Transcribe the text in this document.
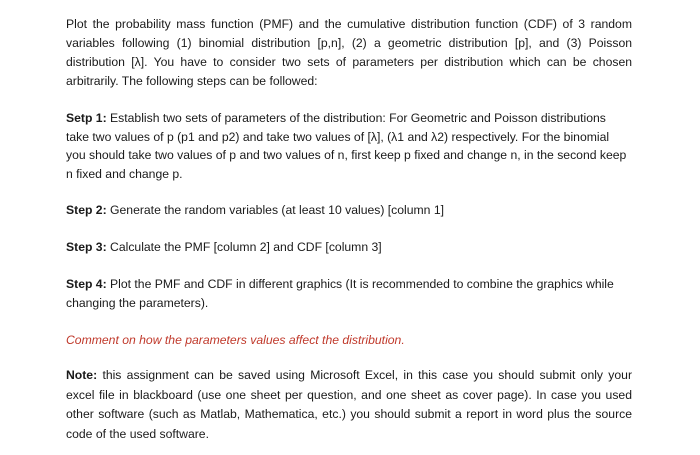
Plot the probability mass function (PMF) and the cumulative distribution function (CDF) of 3 random variables following (1) binomial distribution [p,n], (2) a geometric distribution [p], and (3) Poisson distribution [λ]. You have to consider two sets of parameters per distribution which can be chosen arbitrarily. The following steps can be followed:

Setp 1: Establish two sets of parameters of the distribution: For Geometric and Poisson distributions take two values of p (p1 and p2) and take two values of [λ], (λ1 and λ2) respectively. For the binomial you should take two values of p and two values of n, first keep p fixed and change n, in the second keep n fixed and change p.

Step 2: Generate the random variables (at least 10 values) [column 1]

Step 3: Calculate the PMF [column 2] and CDF [column 3]

Step 4: Plot the PMF and CDF in different graphics (It is recommended to combine the graphics while changing the parameters).

Comment on how the parameters values affect the distribution.

Note: this assignment can be saved using Microsoft Excel, in this case you should submit only your excel file in blackboard (use one sheet per question, and one sheet as cover page). In case you used other software (such as Matlab, Mathematica, etc.) you should submit a report in word plus the source code of the used software.
